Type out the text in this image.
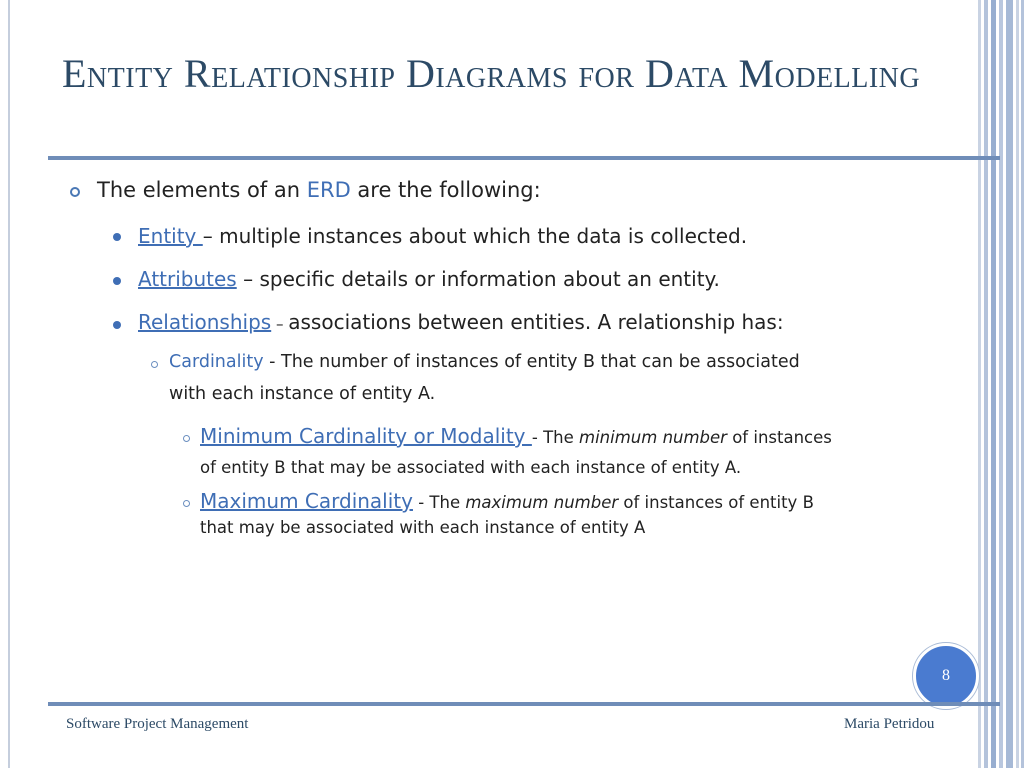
Entity Relationship Diagrams for Data Modelling
The elements of an ERD are the following:
Entity – multiple instances about which the data is collected.
Attributes – specific details or information about an entity.
Relationships – associations between entities. A relationship has:
Cardinality - The number of instances of entity B that can be associated
with each instance of entity A.
Minimum Cardinality or Modality - The minimum number of instances
of entity B that may be associated with each instance of entity A.
Maximum Cardinality - The maximum number of instances of entity B
that may be associated with each instance of entity A
8
Software Project Management	Maria Petridou
